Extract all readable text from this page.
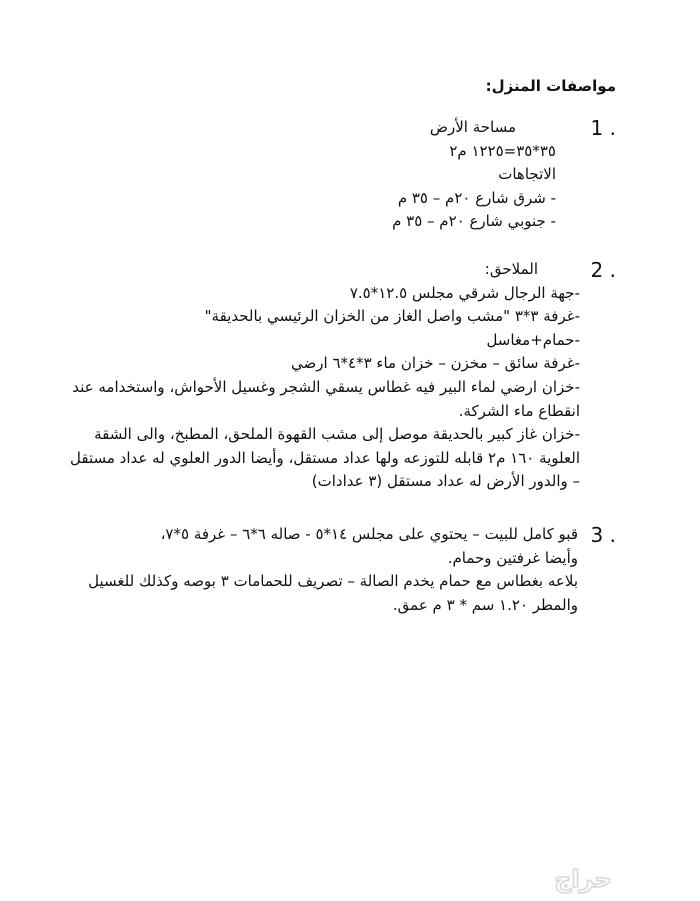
مواصفات المنزل:
1 .
مساحة الأرض
٣٥*٣٥=١٢٢٥ م٢
الاتجاهات
- شرق شارع ٢٠م – ٣٥ م
- جنوبي شارع ٢٠م – ٣٥ م
2 .
الملاحق:
-جهة الرجال شرقي مجلس ١٢.٥*٧.٥
-غرفة ٣*٣ "مشب واصل الغاز من الخزان الرئيسي بالحديقة"
-حمام+مغاسل
-غرفة سائق – مخزن – خزان ماء ٣*٤*٦ ارضي
-خزان ارضي لماء البير فيه غطاس يسقي الشجر وغسيل الأحواش، واستخدامه عند
انقطاع ماء الشركة.
-خزان غاز كبير بالحديقة موصل إلى مشب القهوة الملحق، المطبخ، والى الشقة
العلوية ١٦٠ م٢ قابله للتوزعه ولها عداد مستقل، وأيضا الدور العلوي له عداد مستقل
– والدور الأرض له عداد مستقل (٣ عدادات)
3 .
قبو كامل للبيت – يحتوي على مجلس ١٤*٥ - صاله ٦*٦ – غرفة ٥*٧،
وأيضا غرفتين وحمام.
بلاعه بغطاس مع حمام يخدم الصالة – تصريف للحمامات ٣ بوصه وكذلك للغسيل
والمطر ١.٢٠ سم * ٣ م عمق.
حراج
